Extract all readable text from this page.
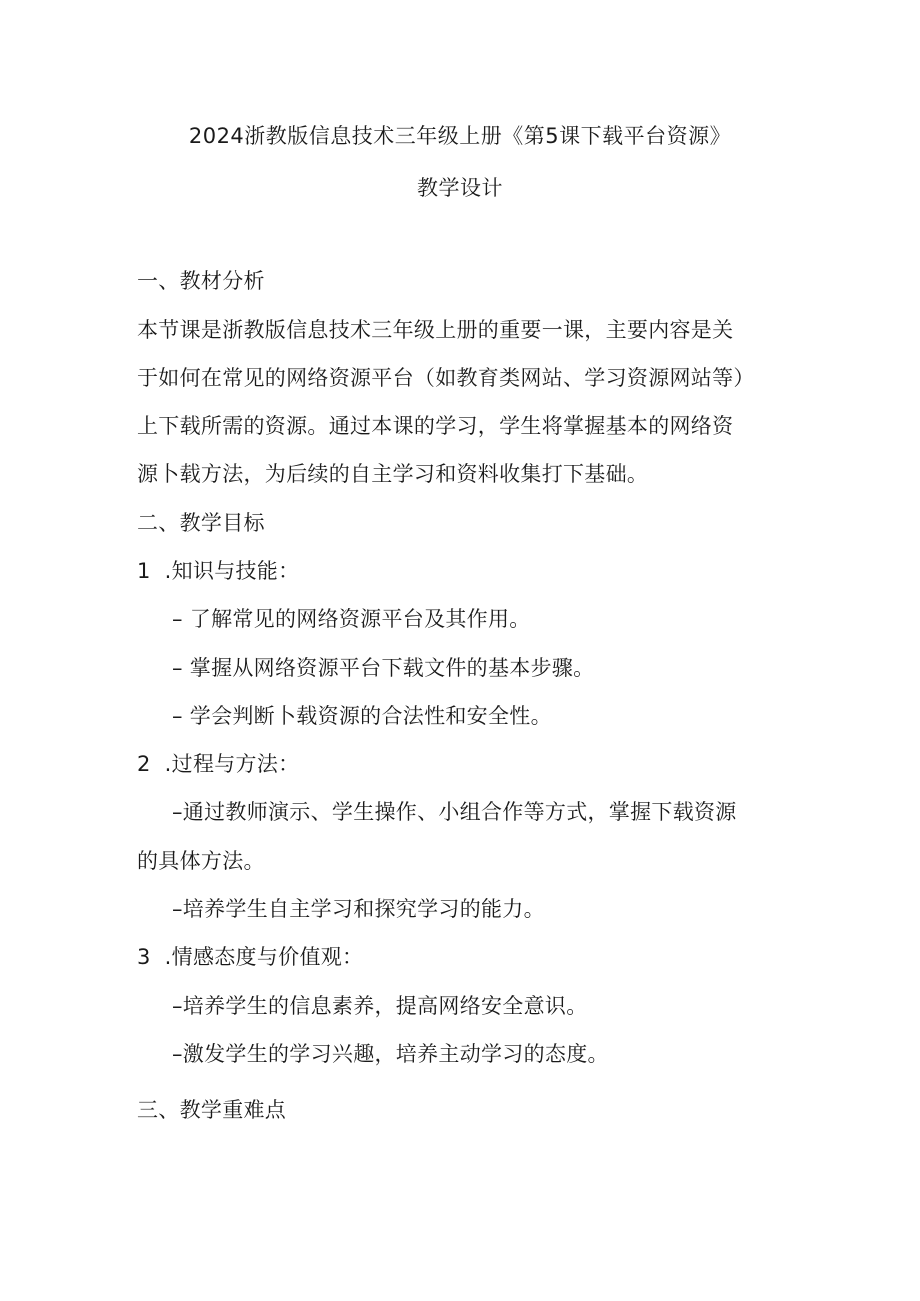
2024浙教版信息技术三年级上册《第5课下载平台资源》
教学设计
一、教材分析
本节课是浙教版信息技术三年级上册的重要一课，主要内容是关
于如何在常见的网络资源平台（如教育类网站、学习资源网站等）
上下载所需的资源。通过本课的学习，学生将掌握基本的网络资
源卜载方法，为后续的自主学习和资料收集打下基础。
二、教学目标
1 .知识与技能：
– 了解常见的网络资源平台及其作用。
– 掌握从网络资源平台下载文件的基本步骤。
– 学会判断卜载资源的合法性和安全性。
2 .过程与方法：
–通过教师演示、学生操作、小组合作等方式，掌握下载资源
的具体方法。
–培养学生自主学习和探究学习的能力。
3 .情感态度与价值观：
–培养学生的信息素养，提高网络安全意识。
–激发学生的学习兴趣，培养主动学习的态度。
三、教学重难点
